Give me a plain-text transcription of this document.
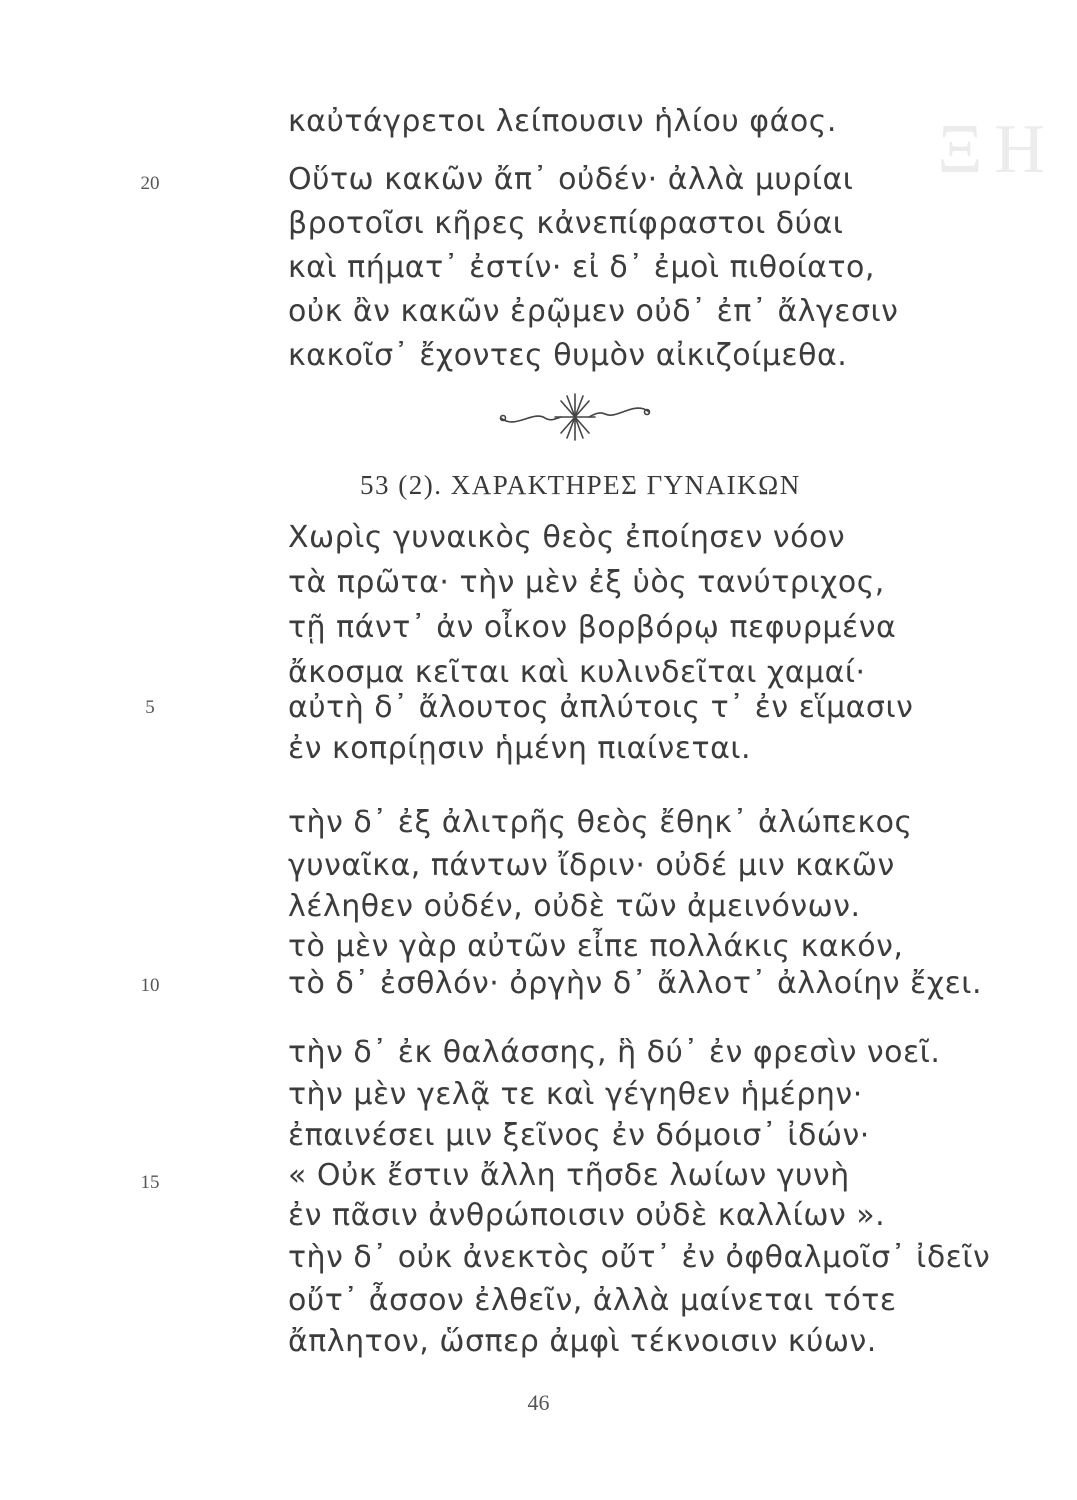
ΞΗ
καὐτάγρετοι λείπουσιν ἡλίου φάος.
20	Οὕτω κακῶν ἄπ᾽ οὐδέν· ἀλλὰ μυρίαι
βροτοῖσι κῆρες κἀνεπίφραστοι δύαι
καὶ πήματ᾽ ἐστίν· εἰ δ᾽ ἐμοὶ πιθοίατο,
οὐκ ἂν κακῶν ἐρῷμεν οὐδ᾽ ἐπ᾽ ἄλγεσιν
κακοῖσ᾽ ἔχοντες θυμὸν αἰκιζοίμεθα.
53 (2). ΧΑΡΑΚΤΗΡΕΣ ΓΥΝΑΙΚΩΝ
Χωρὶς γυναικὸς θεὸς ἐποίησεν νόον
τὰ πρῶτα· τὴν μὲν ἐξ ὑὸς τανύτριχος,
τῇ πάντ᾽ ἀν οἶκον βορβόρῳ πεφυρμένα
ἄκοσμα κεῖται καὶ κυλινδεῖται χαμαί·
5	αὐτὴ δ᾽ ἄλουτος ἀπλύτοις τ᾽ ἐν εἵμασιν
ἐν κοπρίῃσιν ἡμένη πιαίνεται.
τὴν δ᾽ ἐξ ἀλιτρῆς θεὸς ἔθηκ᾽ ἀλώπεκος
γυναῖκα, πάντων ἴδριν· οὐδέ μιν κακῶν
λέληθεν οὐδέν, οὐδὲ τῶν ἀμεινόνων.
τὸ μὲν γὰρ αὐτῶν εἶπε πολλάκις κακόν,
10	τὸ δ᾽ ἐσθλόν· ὀργὴν δ᾽ ἄλλοτ᾽ ἀλλοίην ἔχει.
τὴν δ᾽ ἐκ θαλάσσης, ἣ δύ᾽ ἐν φρεσὶν νοεῖ.
τὴν μὲν γελᾷ τε καὶ γέγηθεν ἡμέρην·
ἐπαινέσει μιν ξεῖνος ἐν δόμοισ᾽ ἰδών·
« Οὐκ ἔστιν ἄλλη τῆσδε λωίων γυνὴ
15
ἐν πᾶσιν ἀνθρώποισιν οὐδὲ καλλίων ».
τὴν δ᾽ οὐκ ἀνεκτὸς οὔτ᾽ ἐν ὀφθαλμοῖσ᾽ ἰδεῖν
οὔτ᾽ ἆσσον ἐλθεῖν, ἀλλὰ μαίνεται τότε
ἄπλητον, ὥσπερ ἀμφὶ τέκνοισιν κύων.
46
